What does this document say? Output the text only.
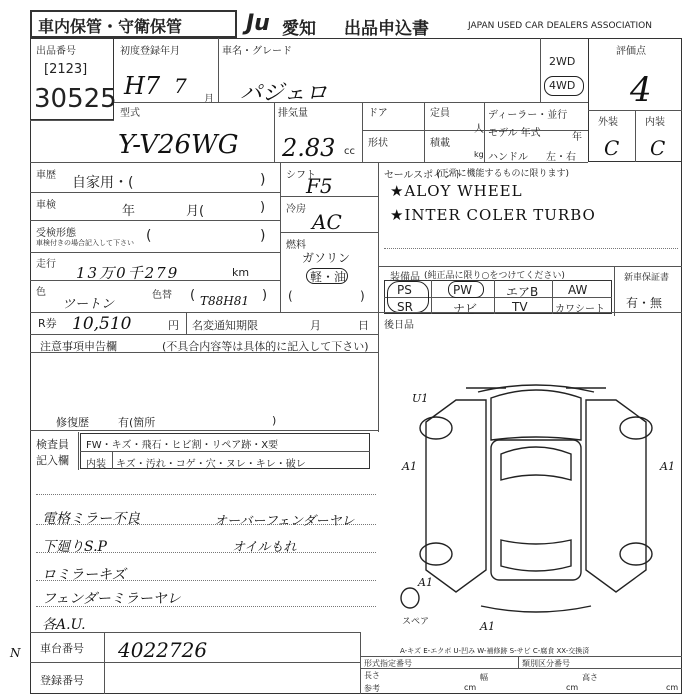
車内保管・守衛保管	Ju 愛知 出品申込書	JAPAN USED CAR DEALERS ASSOCIATION
出品番号
[2123]
30525
初度登録年月
H7 7
月
車名・グレード
パジェロ
2WD
4WD
評価点
4
外装	内装
C C
型式
Y-V26WG
排気量
2.83 cc
ドア
形状
定員
人
積載
kg
ディーラー・並行
モデル 年式	年
ハンドル 左・右
車歴 自家用・(	)
車検	年	月(	)
受検形態
車検付きの場合記入して下さい (	)
走行 13万0千279	km
色
ツートン
色替 ( T88H81 )
シフト
F5
冷房
AC
燃料
ガソリン
軽・油
(	)
セールスポイント
(正常に機能するものに限ります)
★ALOY WHEEL
★INTER COLER TURBO
装備品 (純正品に限り○をつけてください)
PS	PW	エアB AW
SR	ナビ	TV	カワシート
新車保証書
有・無
R券 10,510	円 名変通知期限	月	日 後日品
注意事項申告欄	(不具合内容等は具体的に記入して下さい)
修復歴	有(箇所	)
検査員
記入欄
FW・キズ・飛石・ヒビ割・リペア跡・X要
内装 キズ・汚れ・コゲ・穴・ヌレ・キレ・破レ
電格ミラー不良
下廻りS.P
ロミラーキズ
フェンダーミラーヤレ
各A.U.
オーバーフェンダーヤレ
オイルもれ
U1
A1	A1
A1
A1
スペア
車台番号 4022726
登録番号
A-キズ E-エクボ U-凹み W-補修跡 S-サビ C-腐食 XX-交換済
形式指定番号	類別区分番号
長さ	幅	高さ
参考	cm	cm	cm
N
